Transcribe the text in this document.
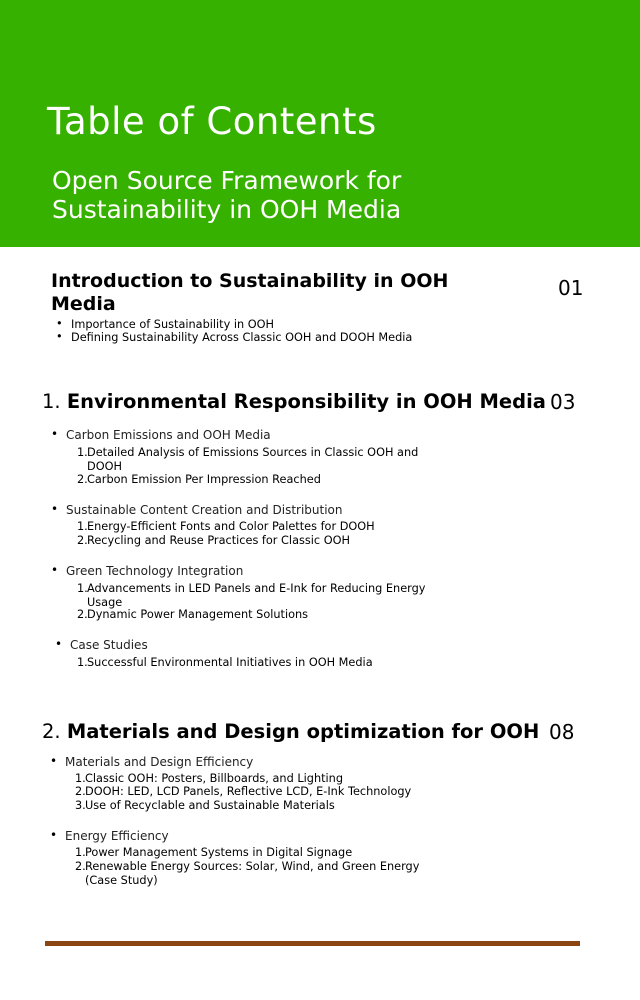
Table of Contents
Open Source Framework for Sustainability in OOH Media
Introduction to Sustainability in OOH Media
01
• Importance of Sustainability in OOH
• Defining Sustainability Across Classic OOH and DOOH Media
1. Environmental Responsibility in OOH Media 03
• Carbon Emissions and OOH Media
1. Detailed Analysis of Emissions Sources in Classic OOH and DOOH
2. Carbon Emission Per Impression Reached
• Sustainable Content Creation and Distribution
1. Energy-Efficient Fonts and Color Palettes for DOOH
2. Recycling and Reuse Practices for Classic OOH
• Green Technology Integration
1. Advancements in LED Panels and E-Ink for Reducing Energy Usage
2. Dynamic Power Management Solutions
• Case Studies
1. Successful Environmental Initiatives in OOH Media
2. Materials and Design optimization for OOH 08
• Materials and Design Efficiency
1. Classic OOH: Posters, Billboards, and Lighting
2. DOOH: LED, LCD Panels, Reflective LCD, E-Ink Technology
3. Use of Recyclable and Sustainable Materials
• Energy Efficiency
1. Power Management Systems in Digital Signage
2. Renewable Energy Sources: Solar, Wind, and Green Energy (Case Study)
